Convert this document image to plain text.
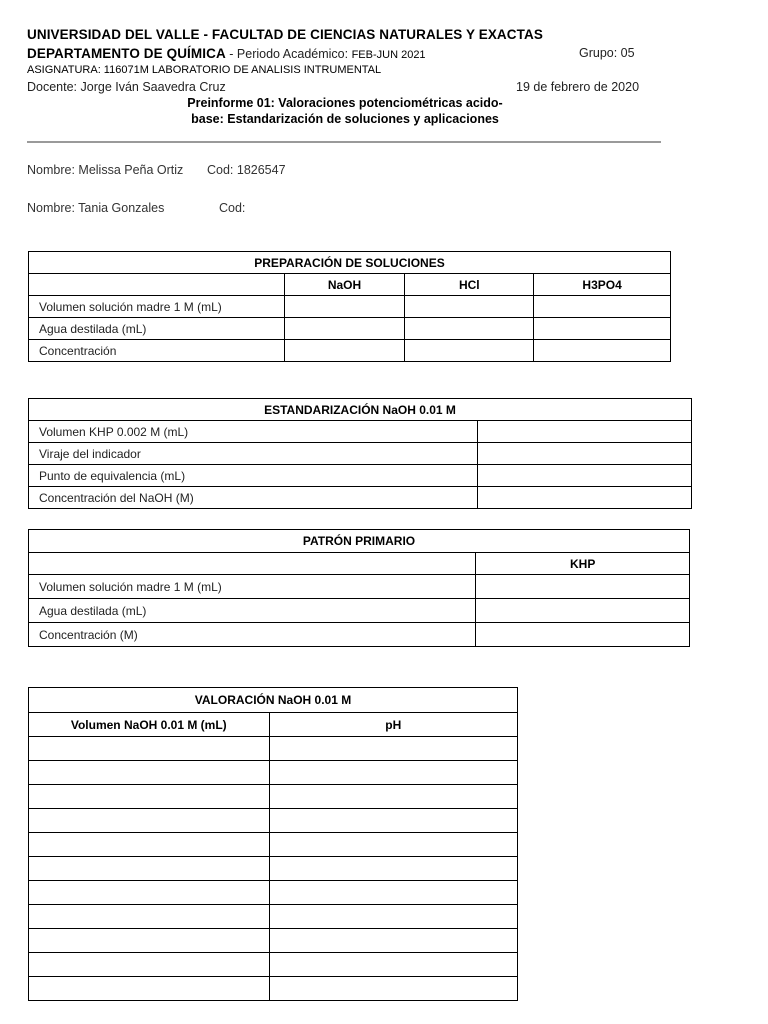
UNIVERSIDAD DEL VALLE - FACULTAD DE CIENCIAS NATURALES Y EXACTAS
DEPARTAMENTO DE QUÍMICA - Periodo Académico: FEB-JUN 2021	Grupo: 05
ASIGNATURA: 116071M LABORATORIO DE ANALISIS INTRUMENTAL
Docente: Jorge Iván Saavedra Cruz	19 de febrero de 2020
Preinforme 01: Valoraciones potenciométricas acido-
base: Estandarización de soluciones y aplicaciones
Nombre: Melissa Peña Ortiz Cod: 1826547
Nombre: Tania Gonzales	Cod:
PREPARACIÓN DE SOLUCIONES			
	NaOH	HCl	H3PO4
Volumen solución madre 1 M (mL)			
Agua destilada (mL)			
Concentración			
ESTANDARIZACIÓN NaOH 0.01 M	
Volumen KHP 0.002 M (mL)	
Viraje del indicador	
Punto de equivalencia (mL)	
Concentración del NaOH (M)	
PATRÓN PRIMARIO	
	KHP
Volumen solución madre 1 M (mL)	
Agua destilada (mL)	
Concentración (M)	
VALORACIÓN NaOH 0.01 M	
Volumen NaOH 0.01 M (mL)	pH
